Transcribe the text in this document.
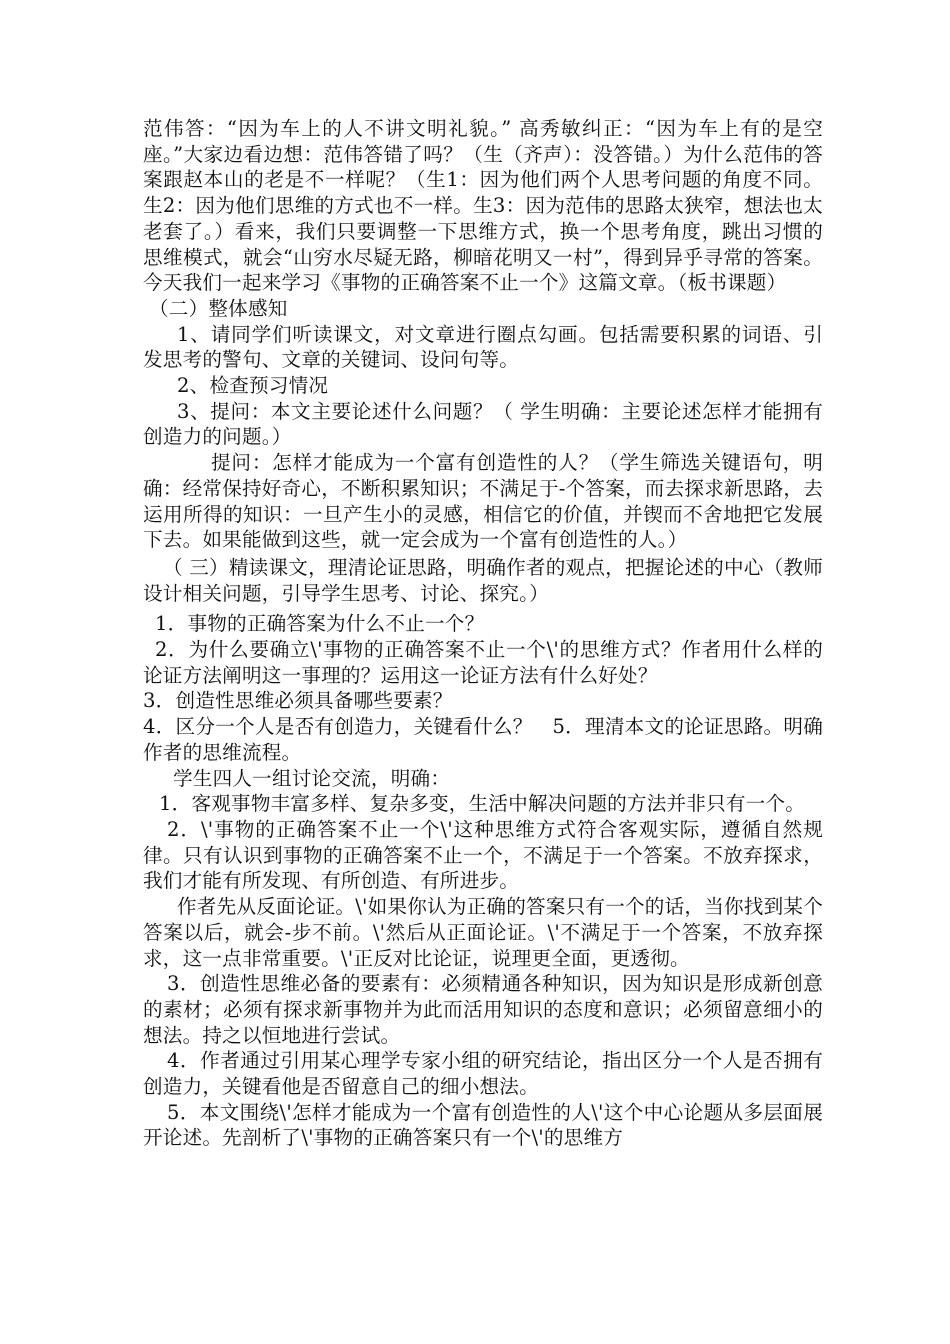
范伟答：“因为车上的人不讲文明礼貌。” 高秀敏纠正：“因为车上有的是空座。”大家边看边想：范伟答错了吗？（生（齐声）：没答错。）为什么范伟的答案跟赵本山的老是不一样呢？（生1：因为他们两个人思考问题的角度不同。生2：因为他们思维的方式也不一样。生3：因为范伟的思路太狭窄，想法也太老套了。）看来，我们只要调整一下思维方式，换一个思考角度，跳出习惯的思维模式，就会“山穷水尽疑无路，柳暗花明又一村”，得到异乎寻常的答案。今天我们一起来学习《事物的正确答案不止一个》这篇文章。（板书课题）

（二）整体感知

1、请同学们听读课文，对文章进行圈点勾画。包括需要积累的词语、引发思考的警句、文章的关键词、设问句等。

2、检查预习情况

3、提问：本文主要论述什么问题？（ 学生明确：主要论述怎样才能拥有创造力的问题。）

提问：怎样才能成为一个富有创造性的人？（学生筛选关键语句，明确：经常保持好奇心，不断积累知识；不满足于-个答案，而去探求新思路，去运用所得的知识：一旦产生小的灵感，相信它的价值，并锲而不舍地把它发展下去。如果能做到这些，就一定会成为一个富有创造性的人。）

（ 三）精读课文，理清论证思路，明确作者的观点，把握论述的中心（教师设计相关问题，引导学生思考、讨论、探究。）

1．事物的正确答案为什么不止一个？

2．为什么要确立\'事物的正确答案不止一个\'的思维方式？作者用什么样的论证方法阐明这一事理的？运用这一论证方法有什么好处？

3．创造性思维必须具备哪些要素？

4．区分一个人是否有创造力，关键看什么？　5．理清本文的论证思路。明确作者的思维流程。

学生四人一组讨论交流，明确：

1．客观事物丰富多样、复杂多变，生活中解决问题的方法并非只有一个。

2．\'事物的正确答案不止一个\'这种思维方式符合客观实际，遵循自然规律。只有认识到事物的正确答案不止一个，不满足于一个答案。不放弃探求，我们才能有所发现、有所创造、有所进步。

作者先从反面论证。\'如果你认为正确的答案只有一个的话，当你找到某个答案以后，就会-步不前。\'然后从正面论证。\'不满足于一个答案，不放弃探求，这一点非常重要。\'正反对比论证，说理更全面，更透彻。

3．创造性思维必备的要素有：必须精通各种知识，因为知识是形成新创意的素材；必须有探求新事物并为此而活用知识的态度和意识；必须留意细小的想法。持之以恒地进行尝试。

4．作者通过引用某心理学专家小组的研究结论，指出区分一个人是否拥有创造力，关键看他是否留意自己的细小想法。

5．本文围绕\'怎样才能成为一个富有创造性的人\'这个中心论题从多层面展开论述。先剖析了\'事物的正确答案只有一个\'的思维方
